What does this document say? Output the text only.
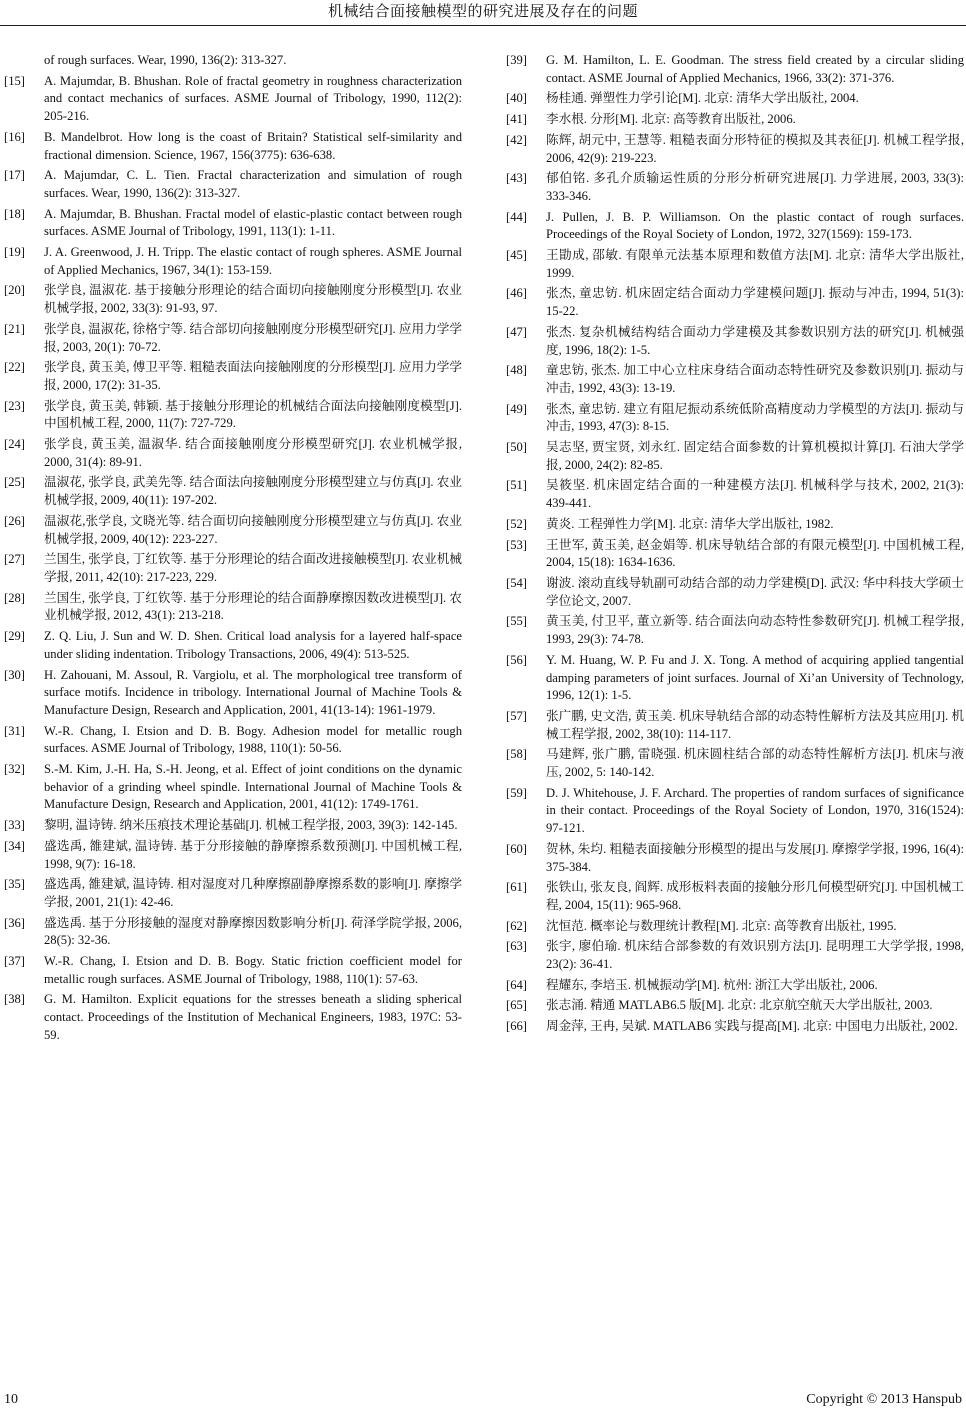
机械结合面接触模型的研究进展及存在的问题
of rough surfaces. Wear, 1990, 136(2): 313-327.
[15]	A. Majumdar, B. Bhushan. Role of fractal geometry in roughness characterization and contact mechanics of surfaces. ASME Journal of Tribology, 1990, 112(2): 205-216.
[16]	B. Mandelbrot. How long is the coast of Britain? Statistical self-similarity and fractional dimension. Science, 1967, 156(3775): 636-638.
[17]	A. Majumdar, C. L. Tien. Fractal characterization and simulation of rough surfaces. Wear, 1990, 136(2): 313-327.
[18]	A. Majumdar, B. Bhushan. Fractal model of elastic-plastic contact between rough surfaces. ASME Journal of Tribology, 1991, 113(1): 1-11.
[19]	J. A. Greenwood, J. H. Tripp. The elastic contact of rough spheres. ASME Journal of Applied Mechanics, 1967, 34(1): 153-159.
[20]	张学良, 温淑花. 基于接触分形理论的结合面切向接触刚度分形模型[J]. 农业机械学报, 2002, 33(3): 91-93, 97.
[21]	张学良, 温淑花, 徐格宁等. 结合部切向接触刚度分形模型研究[J]. 应用力学学报, 2003, 20(1): 70-72.
[22]	张学良, 黄玉美, 傅卫平等. 粗糙表面法向接触刚度的分形模型[J]. 应用力学学报, 2000, 17(2): 31-35.
[23]	张学良, 黄玉美, 韩颖. 基于接触分形理论的机械结合面法向接触刚度模型[J]. 中国机械工程, 2000, 11(7): 727-729.
[24]	张学良, 黄玉美, 温淑华. 结合面接触刚度分形模型研究[J]. 农业机械学报, 2000, 31(4): 89-91.
[25]	温淑花, 张学良, 武美先等. 结合面法向接触刚度分形模型建立与仿真[J]. 农业机械学报, 2009, 40(11): 197-202.
[26]	温淑花,张学良, 文晓光等. 结合面切向接触刚度分形模型建立与仿真[J]. 农业机械学报, 2009, 40(12): 223-227.
[27]	兰国生, 张学良, 丁红钦等. 基于分形理论的结合面改进接触模型[J]. 农业机械学报, 2011, 42(10): 217-223, 229.
[28]	兰国生, 张学良, 丁红钦等. 基于分形理论的结合面静摩擦因数改进模型[J]. 农业机械学报, 2012, 43(1): 213-218.
[29]	Z. Q. Liu, J. Sun and W. D. Shen. Critical load analysis for a layered half-space under sliding indentation. Tribology Transactions, 2006, 49(4): 513-525.
[30]	H. Zahouani, M. Assoul, R. Vargiolu, et al. The morphological tree transform of surface motifs. Incidence in tribology. International Journal of Machine Tools & Manufacture Design, Research and Application, 2001, 41(13-14): 1961-1979.
[31]	W.-R. Chang, I. Etsion and D. B. Bogy. Adhesion model for metallic rough surfaces. ASME Journal of Tribology, 1988, 110(1): 50-56.
[32]	S.-M. Kim, J.-H. Ha, S.-H. Jeong, et al. Effect of joint conditions on the dynamic behavior of a grinding wheel spindle. International Journal of Machine Tools & Manufacture Design, Research and Application, 2001, 41(12): 1749-1761.
[33]	黎明, 温诗铸. 纳米压痕技术理论基础[J]. 机械工程学报, 2003, 39(3): 142-145.
[34]	盛选禹, 雒建斌, 温诗铸. 基于分形接触的静摩擦系数预测[J]. 中国机械工程, 1998, 9(7): 16-18.
[35]	盛选禹, 雒建斌, 温诗铸. 相对湿度对几种摩擦副静摩擦系数的影响[J]. 摩擦学学报, 2001, 21(1): 42-46.
[36]	盛选禹. 基于分形接触的湿度对静摩擦因数影响分析[J]. 荷泽学院学报, 2006, 28(5): 32-36.
[37]	W.-R. Chang, I. Etsion and D. B. Bogy. Static friction coefficient model for metallic rough surfaces. ASME Journal of Tribology, 1988, 110(1): 57-63.
[38]	G. M. Hamilton. Explicit equations for the stresses beneath a sliding spherical contact. Proceedings of the Institution of Mechanical Engineers, 1983, 197C: 53-59.
[39]	G. M. Hamilton, L. E. Goodman. The stress field created by a circular sliding contact. ASME Journal of Applied Mechanics, 1966, 33(2): 371-376.
[40]	杨桂通. 弹塑性力学引论[M]. 北京: 清华大学出版社, 2004.
[41]	李水根. 分形[M]. 北京: 高等教育出版社, 2006.
[42]	陈辉, 胡元中, 王慧等. 粗糙表面分形特征的模拟及其表征[J]. 机械工程学报, 2006, 42(9): 219-223.
[43]	郁伯铭. 多孔介质输运性质的分形分析研究进展[J]. 力学进展, 2003, 33(3): 333-346.
[44]	J. Pullen, J. B. P. Williamson. On the plastic contact of rough surfaces. Proceedings of the Royal Society of London, 1972, 327(1569): 159-173.
[45]	王勖成, 邵敏. 有限单元法基本原理和数值方法[M]. 北京: 清华大学出版社, 1999.
[46]	张杰, 童忠钫. 机床固定结合面动力学建模问题[J]. 振动与冲击, 1994, 51(3): 15-22.
[47]	张杰. 复杂机械结构结合面动力学建模及其参数识别方法的研究[J]. 机械强度, 1996, 18(2): 1-5.
[48]	童忠钫, 张杰. 加工中心立柱床身结合面动态特性研究及参数识别[J]. 振动与冲击, 1992, 43(3): 13-19.
[49]	张杰, 童忠钫. 建立有阻尼振动系统低阶高精度动力学模型的方法[J]. 振动与冲击, 1993, 47(3): 8-15.
[50]	吴志坚, 贾宝贤, 刘永红. 固定结合面参数的计算机模拟计算[J]. 石油大学学报, 2000, 24(2): 82-85.
[51]	吴筱坚. 机床固定结合面的一种建模方法[J]. 机械科学与技术, 2002, 21(3): 439-441.
[52]	黄炎. 工程弹性力学[M]. 北京: 清华大学出版社, 1982.
[53]	王世军, 黄玉美, 赵金娟等. 机床导轨结合部的有限元模型[J]. 中国机械工程, 2004, 15(18): 1634-1636.
[54]	谢波. 滚动直线导轨副可动结合部的动力学建模[D]. 武汉: 华中科技大学硕士学位论文, 2007.
[55]	黄玉美, 付卫平, 董立新等. 结合面法向动态特性参数研究[J]. 机械工程学报, 1993, 29(3): 74-78.
[56]	Y. M. Huang, W. P. Fu and J. X. Tong. A method of acquiring applied tangential damping parameters of joint surfaces. Journal of Xi’an University of Technology, 1996, 12(1): 1-5.
[57]	张广鹏, 史文浩, 黄玉美. 机床导轨结合部的动态特性解析方法及其应用[J]. 机械工程学报, 2002, 38(10): 114-117.
[58]	马建辉, 张广鹏, 雷晓强. 机床圆柱结合部的动态特性解析方法[J]. 机床与液压, 2002, 5: 140-142.
[59]	D. J. Whitehouse, J. F. Archard. The properties of random surfaces of significance in their contact. Proceedings of the Royal Society of London, 1970, 316(1524): 97-121.
[60]	贺林, 朱均. 粗糙表面接触分形模型的提出与发展[J]. 摩擦学学报, 1996, 16(4): 375-384.
[61]	张铁山, 张友良, 阎辉. 成形板料表面的接触分形几何模型研究[J]. 中国机械工程, 2004, 15(11): 965-968.
[62]	沈恒范. 概率论与数理统计教程[M]. 北京: 高等教育出版社, 1995.
[63]	张宇, 廖伯瑜. 机床结合部参数的有效识别方法[J]. 昆明理工大学学报, 1998, 23(2): 36-41.
[64]	程耀东, 李培玉. 机械振动学[M]. 杭州: 浙江大学出版社, 2006.
[65]	张志涌. 精通 MATLAB6.5 版[M]. 北京: 北京航空航天大学出版社, 2003.
[66]	周金萍, 王冉, 吴斌. MATLAB6 实践与提高[M]. 北京: 中国电力出版社, 2002.
10	Copyright © 2013 Hanspub
